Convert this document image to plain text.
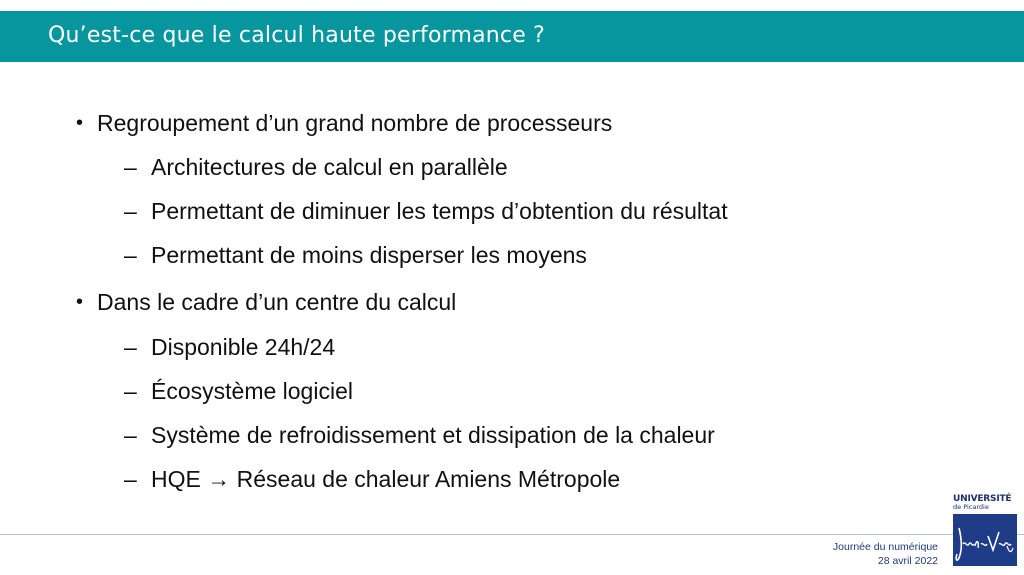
Qu’est-ce que le calcul haute performance ?
• Regroupement d’un grand nombre de processeurs
– Architectures de calcul en parallèle
– Permettant de diminuer les temps d’obtention du résultat
– Permettant de moins disperser les moyens
• Dans le cadre d’un centre du calcul
– Disponible 24h/24
– Écosystème logiciel
– Système de refroidissement et dissipation de la chaleur
– HQE → Réseau de chaleur Amiens Métropole
Journée du numérique
28 avril 2022
UNIVERSITÉ
de Picardie
